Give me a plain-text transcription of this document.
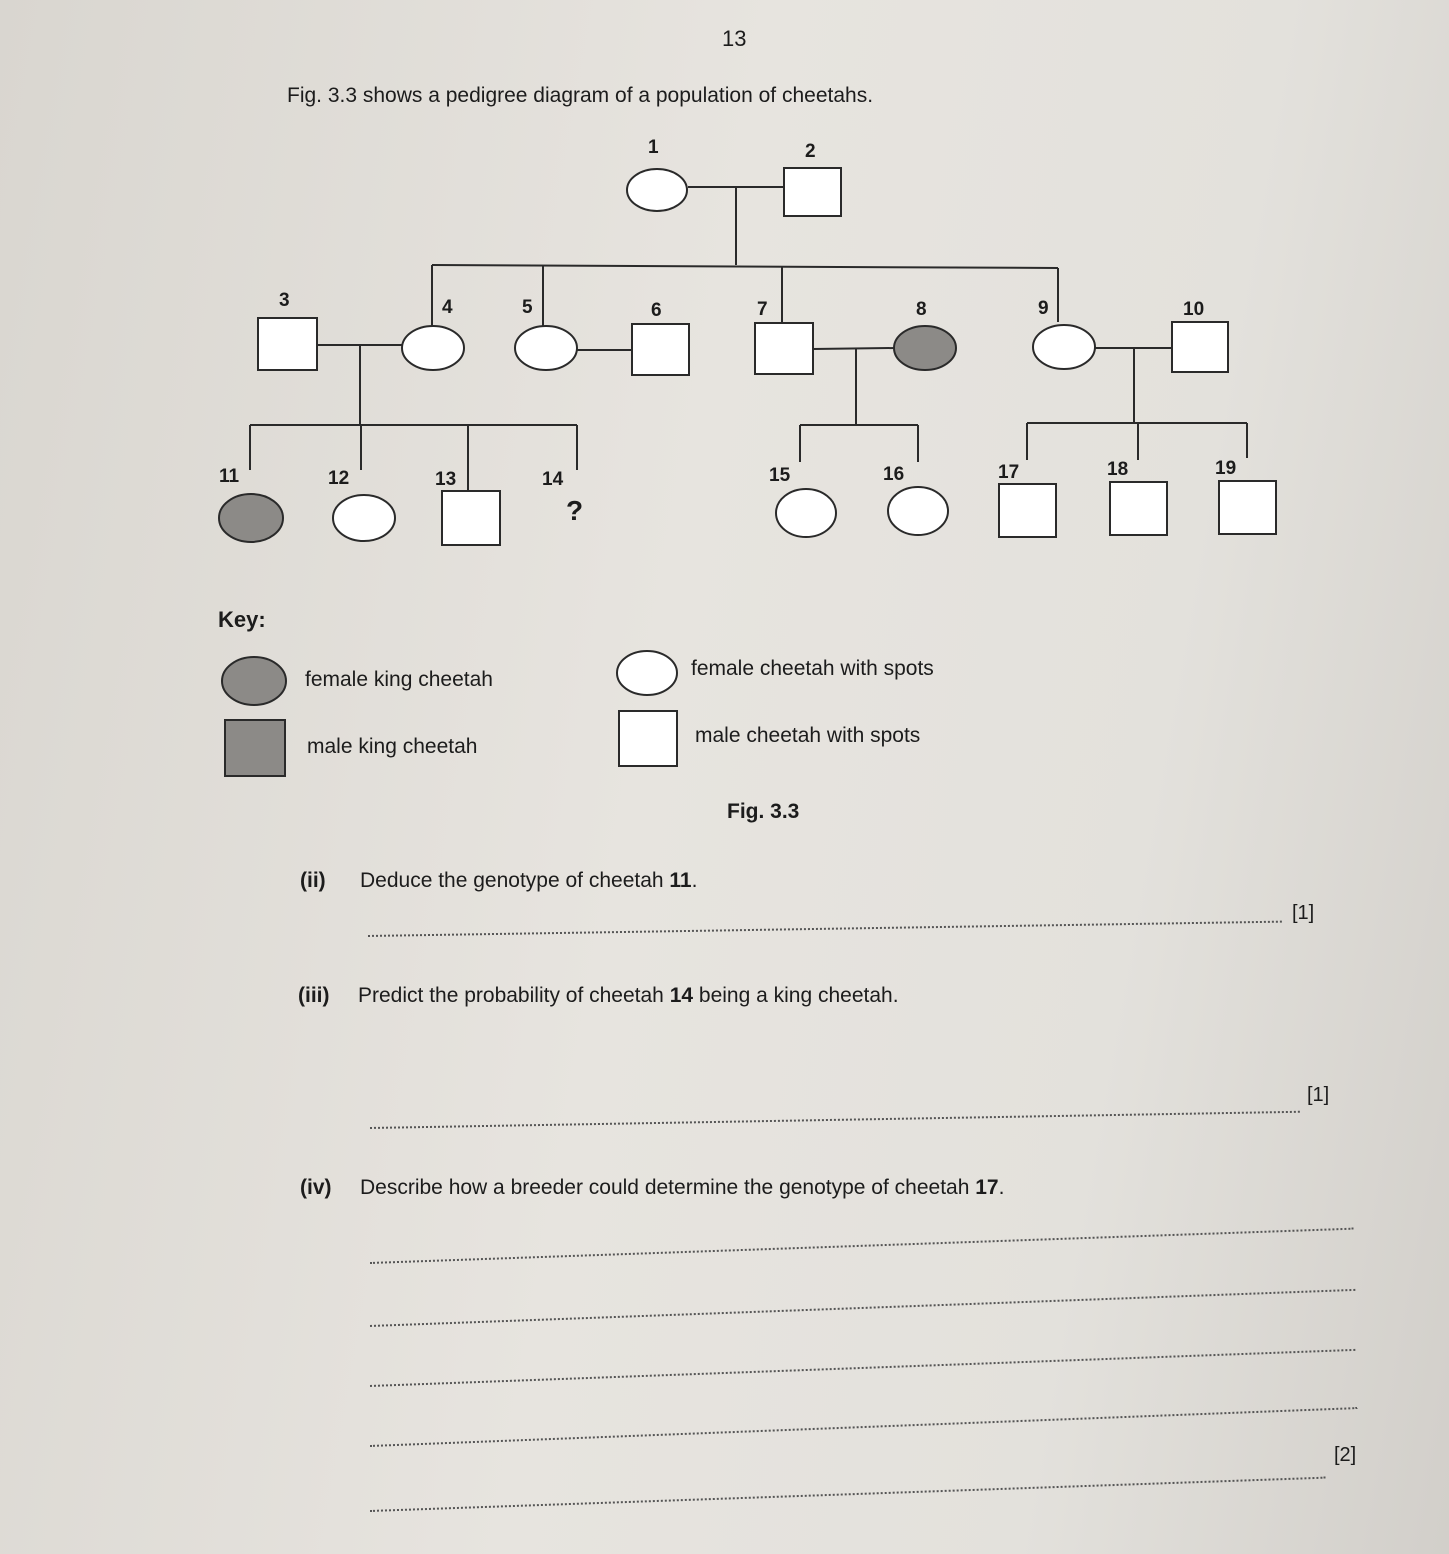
13
Fig. 3.3 shows a pedigree diagram of a population of cheetahs.
1	2
3	4	5	6	7	8	9	10
11	12	13	14	15	16	17	18	19
?
Key:
female king cheetah	female cheetah with spots
male king cheetah	male cheetah with spots
Fig. 3.3
(ii) Deduce the genotype of cheetah 11.
[1]
(iii) Predict the probability of cheetah 14 being a king cheetah.
[1]
(iv) Describe how a breeder could determine the genotype of cheetah 17.
[2]
